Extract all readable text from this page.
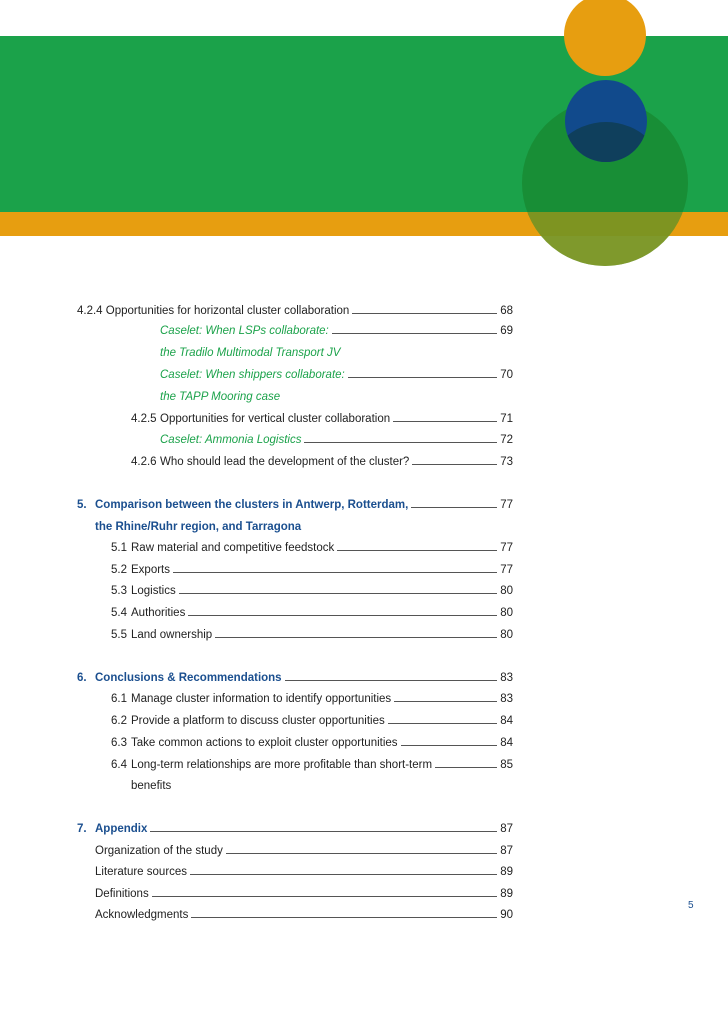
4.2.4 Opportunities for horizontal cluster collaboration	68
Caselet: When LSPs collaborate:	69
the Tradilo Multimodal Transport JV
Caselet: When shippers collaborate:	70
the TAPP Mooring case
4.2.5 Opportunities for vertical cluster collaboration	71
Caselet: Ammonia Logistics	72
4.2.6 Who should lead the development of the cluster?	73
5. Comparison between the clusters in Antwerp, Rotterdam,	77
the Rhine/Ruhr region, and Tarragona
5.1 Raw material and competitive feedstock	77
5.2 Exports	77
5.3 Logistics	80
5.4 Authorities	80
5.5 Land ownership	80
6. Conclusions & Recommendations	83
6.1 Manage cluster information to identify opportunities	83
6.2 Provide a platform to discuss cluster opportunities	84
6.3 Take common actions to exploit cluster opportunities	84
6.4 Long-term relationships are more profitable than short-term	85
benefits
7. Appendix	87
Organization of the study	87
Literature sources	89
Definitions	89
Acknowledgments	90
5
